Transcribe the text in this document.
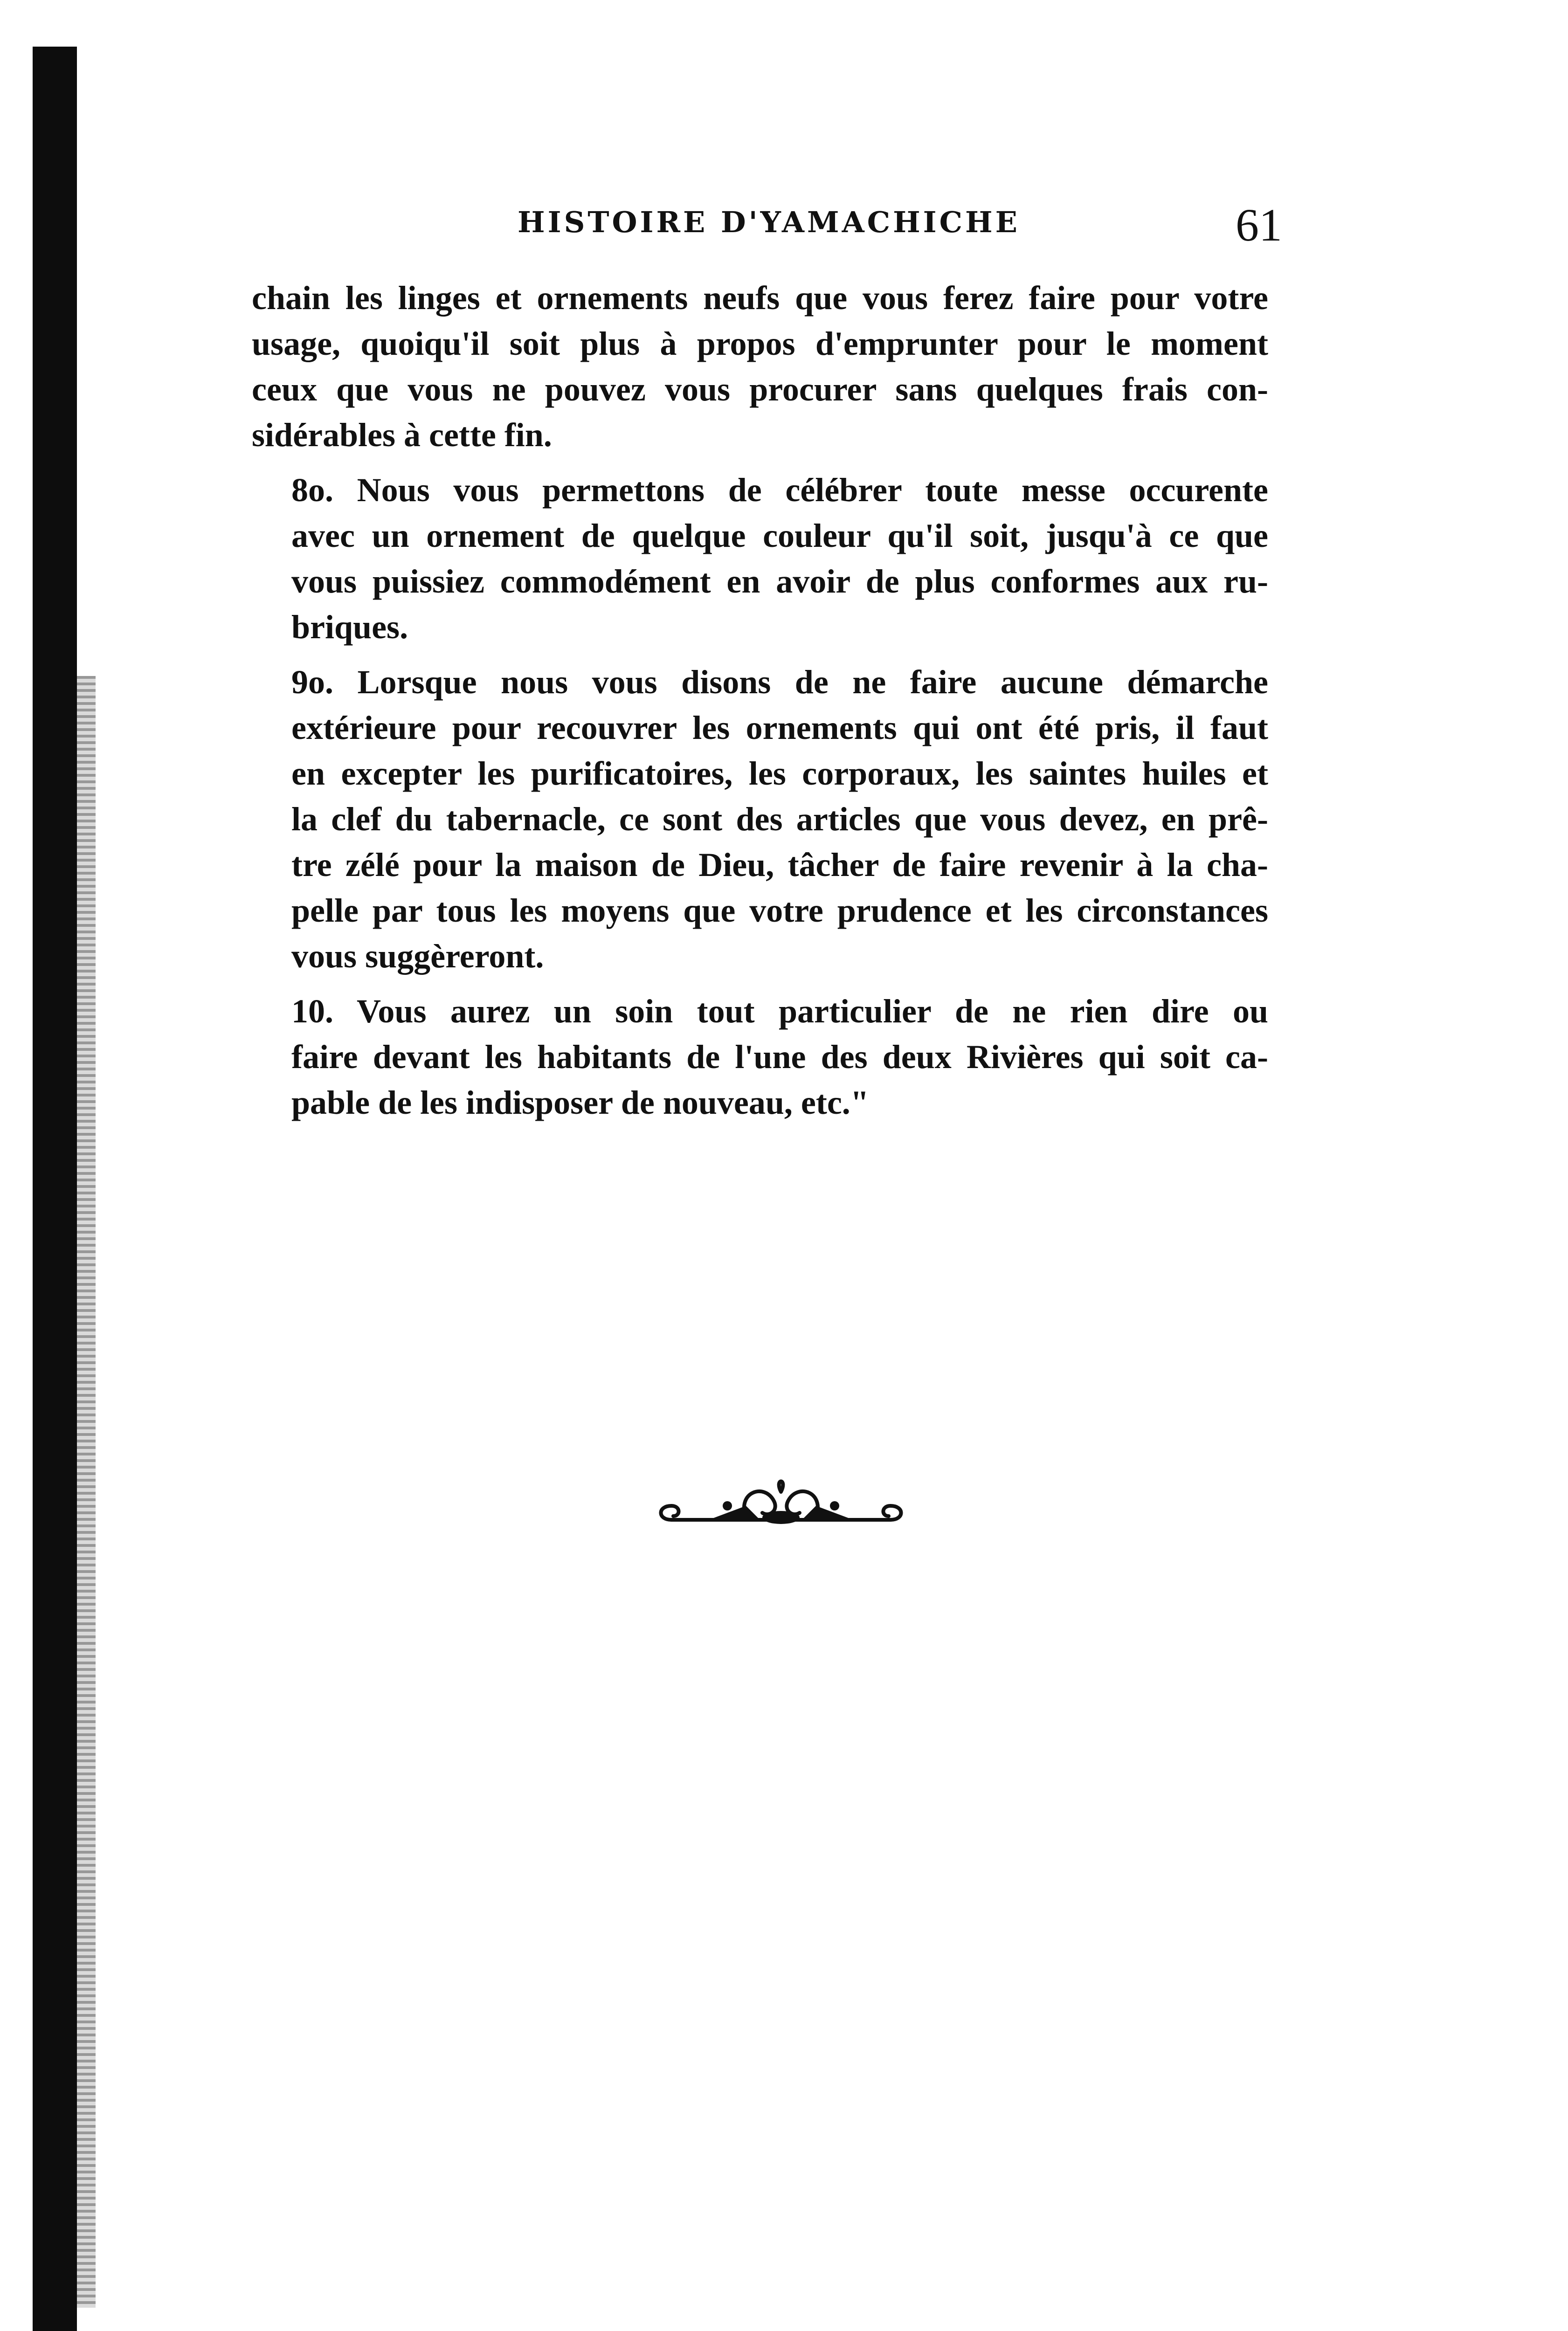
HISTOIRE D'YAMACHICHE	61
chain les linges et ornements neufs que vous ferez faire pour votre
usage, quoiqu'il soit plus à propos d'emprunter pour le moment
ceux que vous ne pouvez vous procurer sans quelques frais con-
sidérables à cette fin.
8o. Nous vous permettons de célébrer toute messe occurente
avec un ornement de quelque couleur qu'il soit, jusqu'à ce que
vous puissiez commodément en avoir de plus conformes aux ru-
briques.
9o. Lorsque nous vous disons de ne faire aucune démarche
extérieure pour recouvrer les ornements qui ont été pris, il faut
en excepter les purificatoires, les corporaux, les saintes huiles et
la clef du tabernacle, ce sont des articles que vous devez, en prê-
tre zélé pour la maison de Dieu, tâcher de faire revenir à la cha-
pelle par tous les moyens que votre prudence et les circonstances
vous suggèreront.
10. Vous aurez un soin tout particulier de ne rien dire ou
faire devant les habitants de l'une des deux Rivières qui soit ca-
pable de les indisposer de nouveau, etc."
